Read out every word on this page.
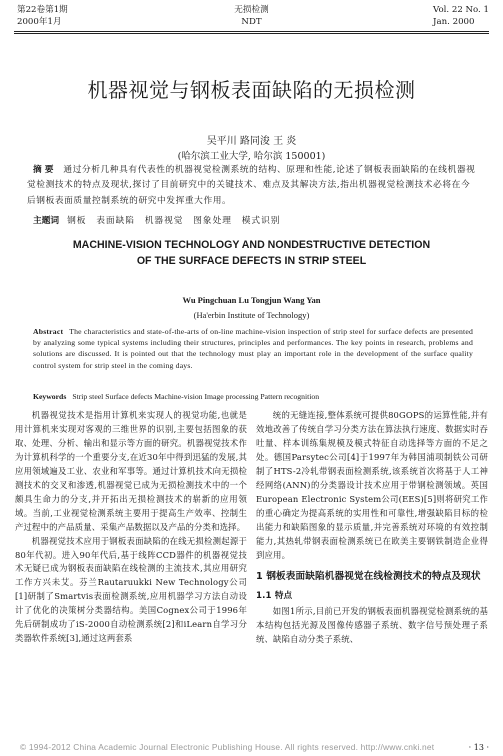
第22卷第1期
2000年1月
无损检测
NDT
Vol. 22 No. 1
Jan. 2000
机器视觉与钢板表面缺陷的无损检测
吴平川 路同浚 王 炎
(哈尔滨工业大学, 哈尔滨 150001)
摘 要 通过分析几种具有代表性的机器视觉检测系统的结构、原理和性能,论述了钢板表面缺陷的在线机器视觉检测技术的特点及现状,探讨了目前研究中的关键技术、难点及其解决方法,指出机器视觉检测技术必将在今后钢板表面质量控制系统的研究中发挥重大作用。
主题词 钢板 表面缺陷 机器视觉 图象处理 模式识别
MACHINE-VISION TECHNOLOGY AND NONDESTRUCTIVE DETECTION
OF THE SURFACE DEFECTS IN STRIP STEEL
Wu Pingchuan Lu Tongjun Wang Yan
(Ha'erbin Institute of Technology)
Abstract The characteristics and state-of-the-arts of on-line machine-vision inspection of strip steel for surface defects are presented by analyzing some typical systems including their structures, principles and performances. The key points in research, problems and solutions are discussed. It is pointed out that the technology must play an important role in the development of the surface quality control system for strip steel in the coming days.
Keywords Strip steel Surface defects Machine-vision Image processing Pattern recognition

机器视觉技术是指用计算机来实现人的视觉功能,也就是用计算机来实现对客观的三维世界的识别,主要包括图象的获取、处理、分析、输出和显示等方面的研究。机器视觉技术作为计算机科学的一个重要分支,在近30年中得到迅猛的发展,其应用领域遍及工业、农业和军事等。通过计算机技术向无损检测技术的交叉和渗透,机器视觉已成为无损检测技术中的一个颇具生命力的分支,并开拓出无损检测技术的崭新的应用领域。当前,工业视觉检测系统主要用于提高生产效率、控制生产过程中的产品质量、采集产品数据以及产品的分类和选择。

机器视觉技术应用于钢板表面缺陷的在线无损检测起源于80年代初。进入90年代后,基于线阵CCD器件的机器视觉技术无疑已成为钢板表面缺陷在线检测的主流技术,其应用研究工作方兴未艾。芬兰Rautaruukki New Technology公司[1]研制了Smartvis表面检测系统,应用机器学习方法自动设计了优化的决策树分类器结构。美国Cognex公司于1996年先后研制成功了iS-2000自动检测系统[2]和iLearn自学习分类器软件系统[3],通过这两套系

统的无缝连接,整体系统可提供80GOPS的运算性能,并有效地改善了传统自学习分类方法在算法执行速度、数据实时吞吐量、样本训练集规模及模式特征自动选择等方面的不足之处。德国Parsytec公司[4]于1997年为韩国浦项制铁公司研制了HTS-2冷轧带钢表面检测系统,该系统首次将基于人工神经网络(ANN)的分类器设计技术应用于带钢检测领域。英国European Electronic System公司(EES)[5]则将研究工作的重心确定为提高系统的实用性和可靠性,增强缺陷目标的检出能力和缺陷图象的显示质量,并完善系统对环境的有效控制能力,其热轧带钢表面检测系统已在欧美主要钢铁制造企业得到应用。

1 钢板表面缺陷机器视觉在线检测技术的特点及现状
1.1 特点

如图1所示,目前已开发的钢板表面机器视觉检测系统的基本结构包括光源及图像传感器子系统、数字信号预处理子系统、缺陷自动分类子系统、

© 1994-2012 China Academic Journal Electronic Publishing House. All rights reserved. http://www.cnki.net	· 13 ·
